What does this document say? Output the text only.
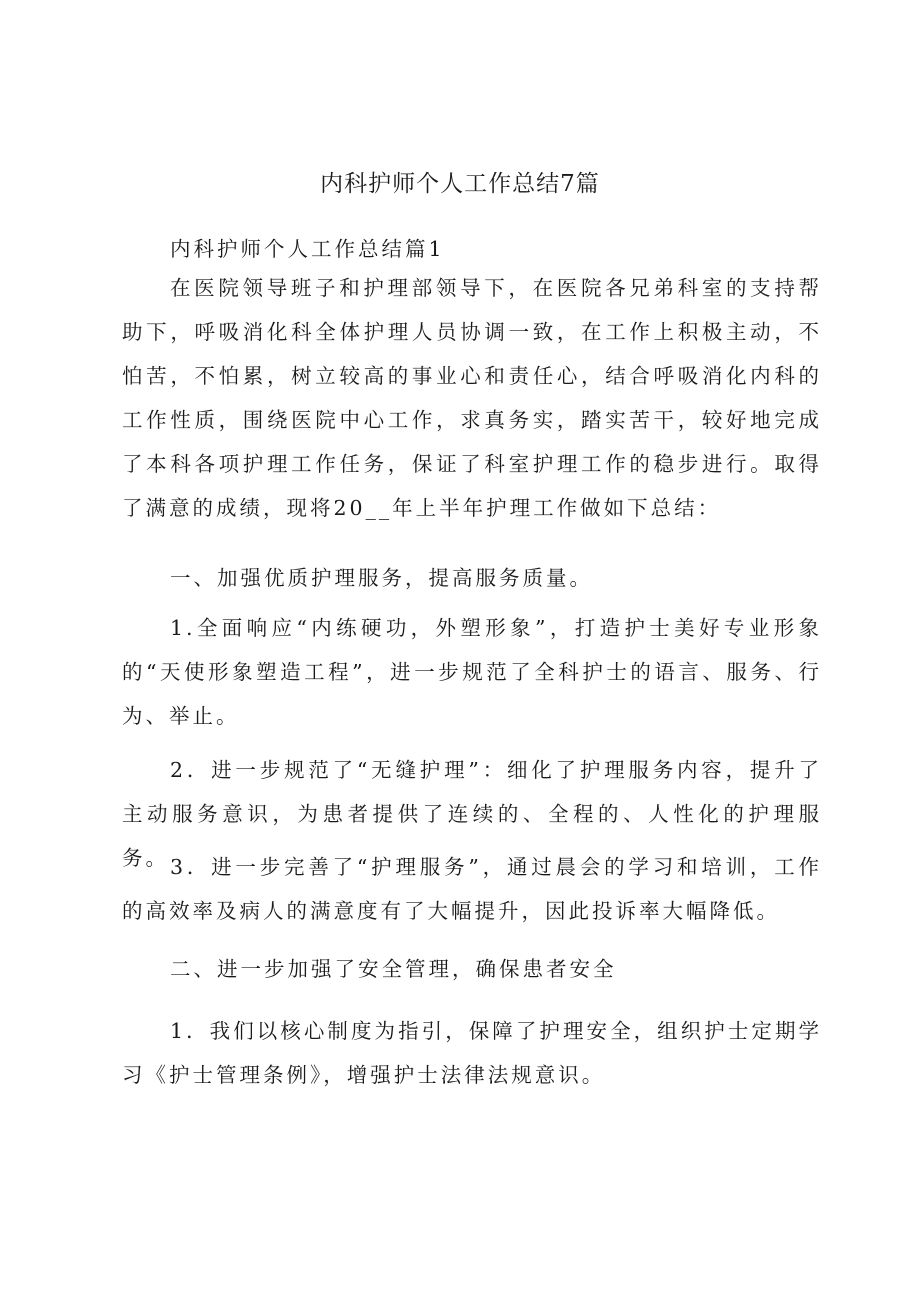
内科护师个人工作总结7篇

内科护师个人工作总结篇1

在医院领导班子和护理部领导下，在医院各兄弟科室的支持帮助下，呼吸消化科全体护理人员协调一致，在工作上积极主动，不怕苦，不怕累，树立较高的事业心和责任心，结合呼吸消化内科的工作性质，围绕医院中心工作，求真务实，踏实苦干，较好地完成了本科各项护理工作任务，保证了科室护理工作的稳步进行。取得了满意的成绩，现将20__年上半年护理工作做如下总结：

一、加强优质护理服务，提高服务质量。

1.全面响应“内练硬功，外塑形象”，打造护士美好专业形象的“天使形象塑造工程”，进一步规范了全科护士的语言、服务、行为、举止。

2．进一步规范了“无缝护理”：细化了护理服务内容，提升了主动服务意识，为患者提供了连续的、全程的、人性化的护理服务。 3．进一步完善了“护理服务”，通过晨会的学习和培训，工作的高效率及病人的满意度有了大幅提升，因此投诉率大幅降低。

二、进一步加强了安全管理，确保患者安全

1．我们以核心制度为指引，保障了护理安全，组织护士定期学习《护士管理条例》，增强护士法律法规意识。
